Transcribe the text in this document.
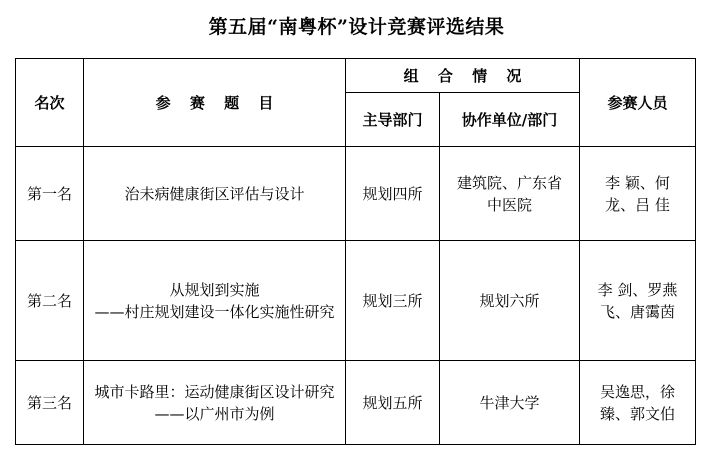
第五届“南粤杯”设计竞赛评选结果
名次	参 赛 题 目	组 合 情 况		参赛人员
		主导部门	协作单位/部门	
第一名	治未病健康街区评估与设计	规划四所	建筑院、广东省中医院	李 颖、何龙、吕 佳
第二名	从规划到实施
——村庄规划建设一体化实施性研究	规划三所	规划六所	李 剑、罗燕飞、唐霭茵
第三名	城市卡路里：运动健康街区设计研究——以广州市为例	规划五所	牛津大学	吴逸思，徐臻、郭文伯
